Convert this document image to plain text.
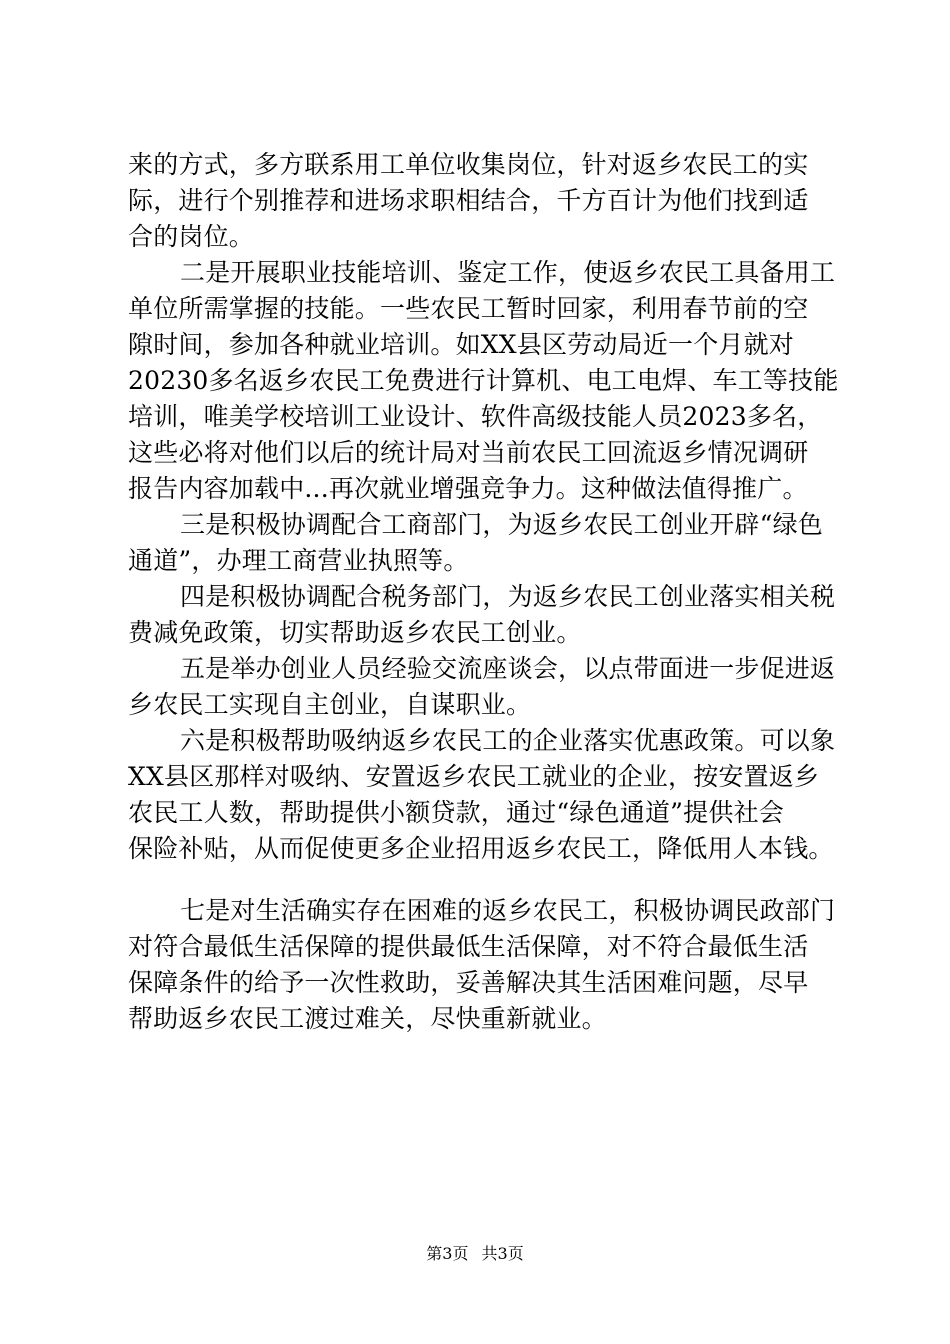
来的方式，多方联系用工单位收集岗位，针对返乡农民工的实
际，进行个别推荐和进场求职相结合，千方百计为他们找到适
合的岗位。
二是开展职业技能培训、鉴定工作，使返乡农民工具备用工
单位所需掌握的技能。一些农民工暂时回家，利用春节前的空
隙时间，参加各种就业培训。如XX县区劳动局近一个月就对
20230多名返乡农民工免费进行计算机、电工电焊、车工等技能
培训，唯美学校培训工业设计、软件高级技能人员2023多名，
这些必将对他们以后的统计局对当前农民工回流返乡情况调研
报告内容加载中...再次就业增强竞争力。这种做法值得推广。
三是积极协调配合工商部门，为返乡农民工创业开辟“绿色
通道”，办理工商营业执照等。
四是积极协调配合税务部门，为返乡农民工创业落实相关税
费减免政策，切实帮助返乡农民工创业。
五是举办创业人员经验交流座谈会，以点带面进一步促进返
乡农民工实现自主创业，自谋职业。
六是积极帮助吸纳返乡农民工的企业落实优惠政策。可以象
XX县区那样对吸纳、安置返乡农民工就业的企业，按安置返乡
农民工人数，帮助提供小额贷款，通过“绿色通道”提供社会
保险补贴，从而促使更多企业招用返乡农民工，降低用人本钱。
七是对生活确实存在困难的返乡农民工，积极协调民政部门
对符合最低生活保障的提供最低生活保障，对不符合最低生活
保障条件的给予一次性救助，妥善解决其生活困难问题，尽早
帮助返乡农民工渡过难关，尽快重新就业。
第3页 共3页
